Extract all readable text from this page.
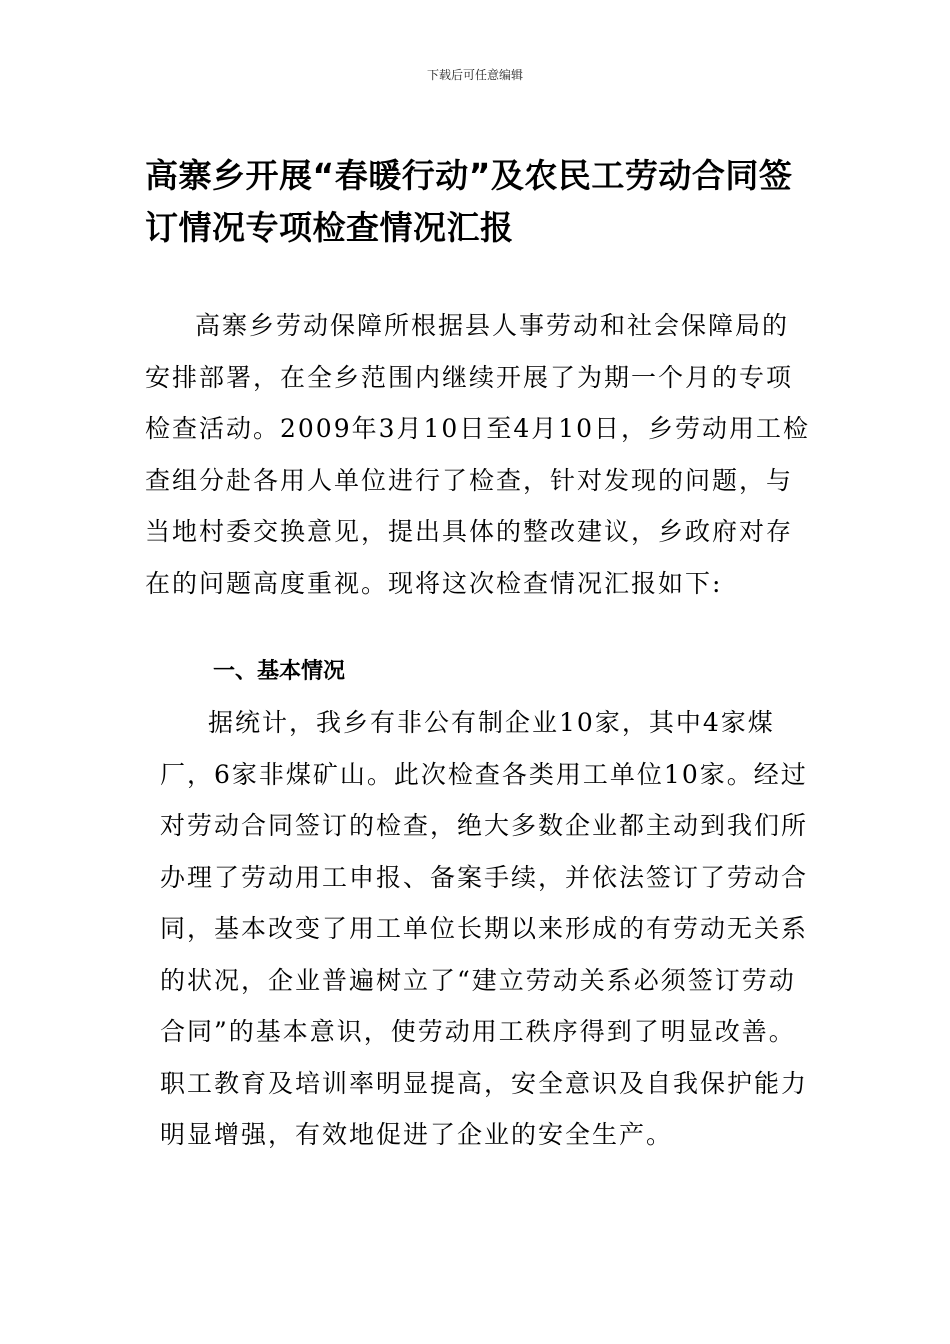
下载后可任意编辑
高寨乡开展“春暖行动”及农民工劳动合同签订情况专项检查情况汇报

高寨乡劳动保障所根据县人事劳动和社会保障局的安排部署，在全乡范围内继续开展了为期一个月的专项检查活动。2009年3月10日至4月10日，乡劳动用工检查组分赴各用人单位进行了检查，针对发现的问题，与当地村委交换意见，提出具体的整改建议，乡政府对存在的问题高度重视。现将这次检查情况汇报如下:

一、基本情况

据统计，我乡有非公有制企业10家，其中4家煤厂，6家非煤矿山。此次检查各类用工单位10家。经过对劳动合同签订的检查，绝大多数企业都主动到我们所办理了劳动用工申报、备案手续，并依法签订了劳动合同，基本改变了用工单位长期以来形成的有劳动无关系的状况，企业普遍树立了“建立劳动关系必须签订劳动合同”的基本意识，使劳动用工秩序得到了明显改善。职工教育及培训率明显提高，安全意识及自我保护能力明显增强，有效地促进了企业的安全生产。
